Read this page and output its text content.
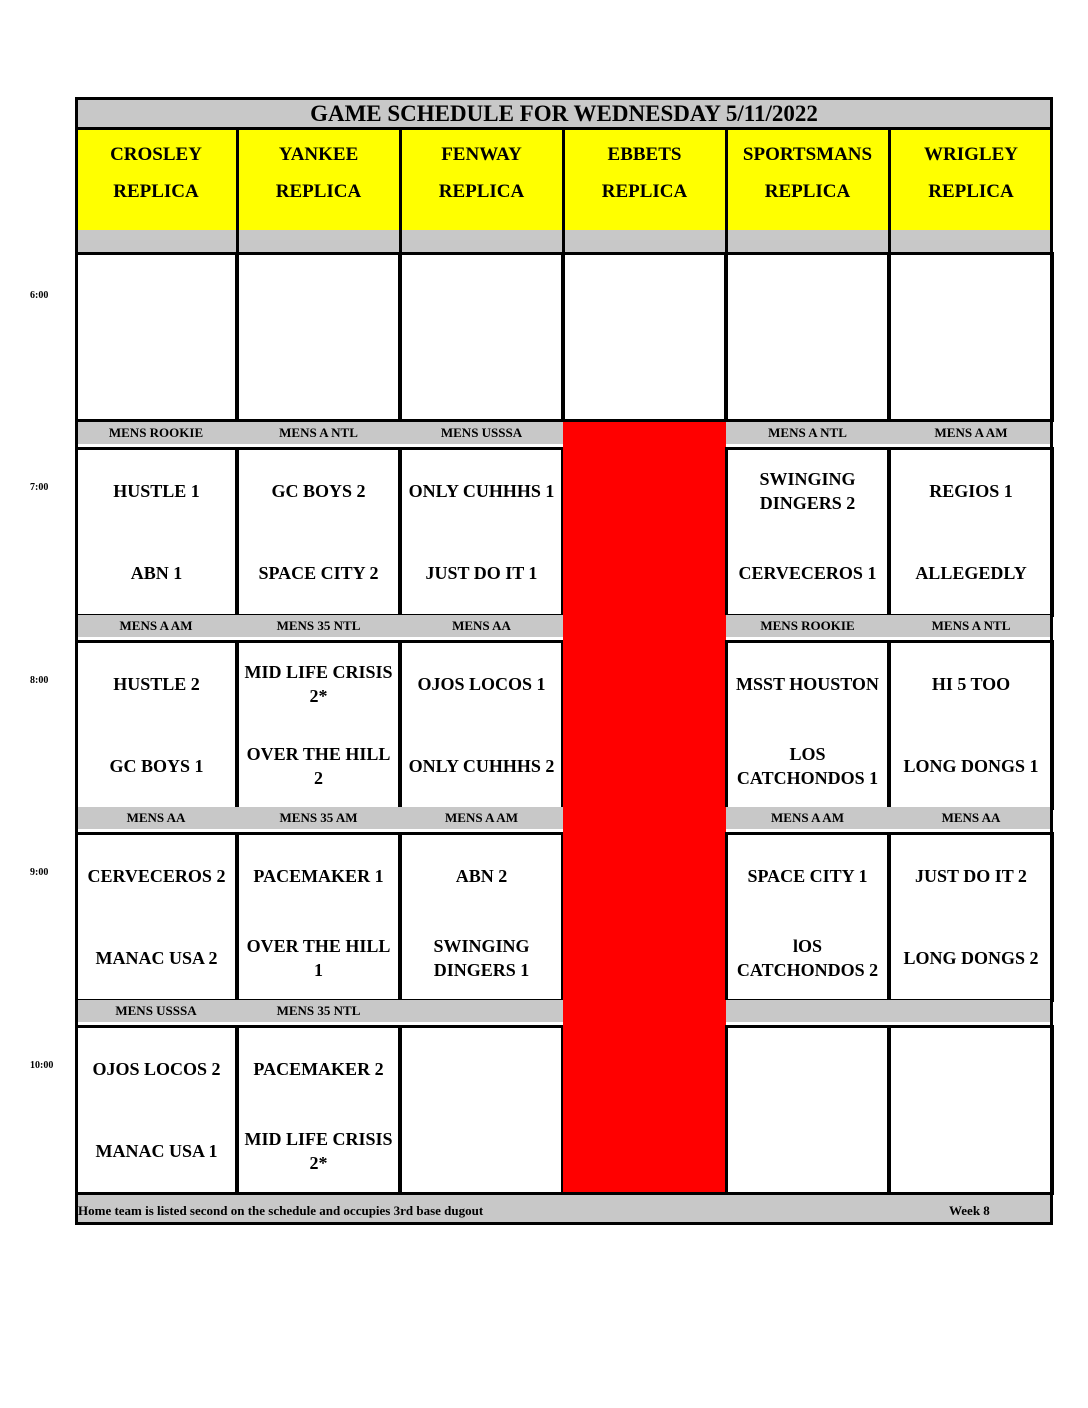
GAME SCHEDULE FOR WEDNESDAY 5/11/2022
CROSLEY
REPLICA
YANKEE
REPLICA
FENWAY
REPLICA
EBBETS
REPLICA
SPORTSMANS
REPLICA
WRIGLEY
REPLICA
MENS ROOKIE
HUSTLE 1
ABN 1
MENS A NTL
GC BOYS 2
SPACE CITY 2
MENS USSSA
ONLY CUHHHS 1
JUST DO IT 1
MENS A NTL
SWINGING DINGERS 2
CERVECEROS 1
MENS A AM
REGIOS 1
ALLEGEDLY
MENS A AM
HUSTLE 2
GC BOYS 1
MENS 35 NTL
MID LIFE CRISIS 2*
OVER THE HILL 2
MENS AA
OJOS LOCOS 1
ONLY CUHHHS 2
MENS ROOKIE
MSST HOUSTON
LOS CATCHONDOS 1
MENS A NTL
HI 5 TOO
LONG DONGS 1
MENS AA
CERVECEROS 2
MANAC USA 2
MENS 35 AM
PACEMAKER 1
OVER THE HILL 1
MENS A AM
ABN 2
SWINGING DINGERS 1
MENS A AM
SPACE CITY 1
lOS CATCHONDOS 2
MENS AA
JUST DO IT 2
LONG DONGS 2
MENS USSSA
OJOS LOCOS 2
MANAC USA 1
MENS 35 NTL
PACEMAKER 2
MID LIFE CRISIS 2*
Home team is listed second on the schedule and occupies 3rd base dugout	Week 8
6:00
7:00
8:00
9:00
10:00
